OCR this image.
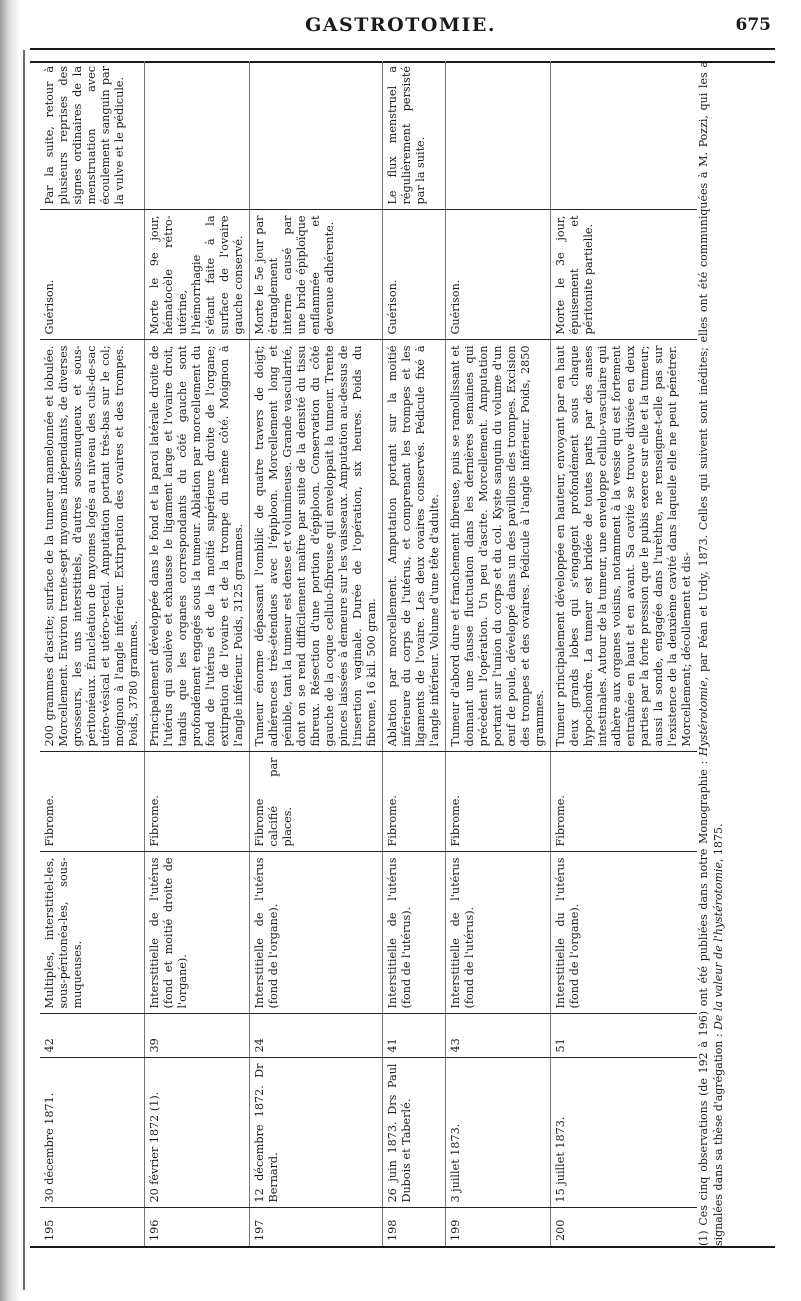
GASTROTOMIE.	675
195	30 décembre 1871.	42	Multiples, interstitiel-les, sous-péritonéa-les, sous-muqueuses.	Fibrome.	200 grammes d'ascite; surface de la tumeur mamelonnée et lobulée. Morcellement. Environ trente-sept myomes indépendants, de diverses grosseurs, les uns interstitiels, d'autres sous-muqueux et sous-péritonéaux. Énucléation de myomes logés au niveau des culs-de-sac utéro-vésical et utéro-rectal. Amputation portant très-bas sur le col; moignon à l'angle inférieur. Extirpation des ovaires et des trompes. Poids, 3780 grammes.	Guérison.	Par la suite, retour à plusieurs reprises des signes ordinaires de la menstruation avec écoulement sanguin par la vulve et le pédicule.
196	20 février 1872 (1).	39	Interstitielle de l'utérus (fond et moitié droite de l'organe).	Fibrome.	Principalement développée dans le fond et la paroi latérale droite de l'utérus qui soulève et exhausse le ligament large et l'ovaire droit, tandis que les organes correspondants du côté gauche sont profondément engagés sous la tumeur. Ablation par morcellement du fond de l'utérus et de la moitié supérieure droite de l'organe; extirpation de l'ovaire et de la trompe du même côté. Moignon à l'angle inférieur. Poids, 3125 grammes.	Morte le 9e jour, hématocèle rétro-utérine, l'hémorrhagie s'étant faite à la surface de l'ovaire gauche conservé.	
197	12 décembre 1872. Dr Bernard.	24	Interstitielle de l'utérus (fond de l'organe).	Fibrome calcifié par places.	Tumeur énorme dépassant l'ombilic de quatre travers de doigt; adhérences très-étendues avec l'épiploon. Morcellement long et pénible, tant la tumeur est dense et volumineuse. Grande vascularité, dont on se rend difficilement maître par suite de la densité du tissu fibreux. Résection d'une portion d'épiploon. Conservation du côté gauche de la coque cellulo-fibreuse qui enveloppait la tumeur. Trente pinces laissées à demeure sur les vaisseaux. Amputation au-dessus de l'insertion vaginale. Durée de l'opération, six heures. Poids du fibrome, 16 kil. 500 gram.	Morte le 5e jour par étranglement interne causé par une bride épiploïque enflammée et devenue adhérente.	
198	26 juin 1873. Drs Paul Dubois et Taberlé.	41	Interstitielle de l'utérus (fond de l'utérus).	Fibrome.	Ablation par morcellement. Amputation portant sur la moitié inférieure du corps de l'utérus, et comprenant les trompes et les ligaments de l'ovaire. Les deux ovaires conservés. Pédicule fixé à l'angle inférieur. Volume d'une tête d'adulte.	Guérison.	Le flux menstruel a régulièrement persisté par la suite.
199	3 juillet 1873.	43	Interstitielle de l'utérus (fond de l'utérus).	Fibrome.	Tumeur d'abord dure et franchement fibreuse, puis se ramollissant et donnant une fausse fluctuation dans les dernières semaines qui précèdent l'opération. Un peu d'ascite. Morcellement. Amputation portant sur l'union du corps et du col. Kyste sanguin du volume d'un œuf de poule, développé dans un des pavillons des trompes. Excision des trompes et des ovaires. Pédicule à l'angle inférieur. Poids, 2850 grammes.	Guérison.	
200	15 juillet 1873.	51	Interstitielle du l'utérus (fond de l'organe).	Fibrome.	Tumeur principalement développée en hauteur, envoyant par en haut deux grands lobes qui s'engagent profondément sous chaque hypochondre. La tumeur est bridée de toutes parts par des anses intestinales. Autour de la tumeur, une enveloppe cellulo-vasculaire qui adhère aux organes voisins, notamment à la vessie qui est fortement entraînée en haut et en avant. Sa cavité se trouve divisée en deux parties par la forte pression que le pubis exerce sur elle et la tumeur; aussi la sonde, engagée dans l'urèthre, ne renseigne-t-elle pas sur l'existence de la deuxième cavité dans laquelle elle ne peut pénétrer. Morcellement; décollement et dis-	Morte le 3e jour, épuisement et péritonite partielle.	
(1) Ces cinq observations (de 192 à 196) ont été publiées dans notre Monographie : Hystérotomie, par Péan et Urdy, 1873. Celles qui suivent sont inédites; elles ont été communiquées à M. Pozzi, qui les a signalées dans sa thèse d'agrégation : De la valeur de l'hystérotomie, 1875.
